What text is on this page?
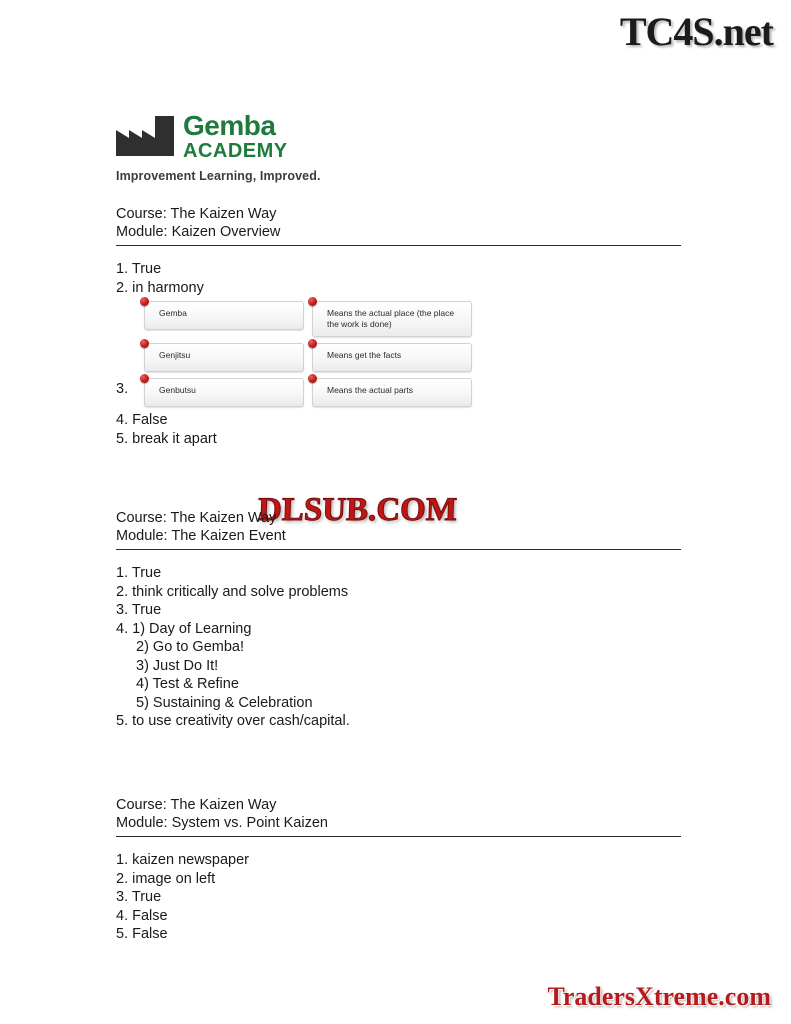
TC4S.net
DLSUB.COM
TradersXtreme.com
Gemba
ACADEMY
Improvement Learning, Improved.
Course: The Kaizen Way
Module: Kaizen Overview
1. True
2. in harmony
3.
Gemba	Means the actual place (the place the work is done)
Genjitsu	Means get the facts
Genbutsu	Means the actual parts
4. False
5. break it apart
Course: The Kaizen Way
Module: The Kaizen Event
1. True
2. think critically and solve problems
3. True
4. 1) Day of Learning
2) Go to Gemba!
3) Just Do It!
4) Test & Refine
5) Sustaining & Celebration
5. to use creativity over cash/capital.
Course: The Kaizen Way
Module: System vs. Point Kaizen
1. kaizen newspaper
2. image on left
3. True
4. False
5. False
